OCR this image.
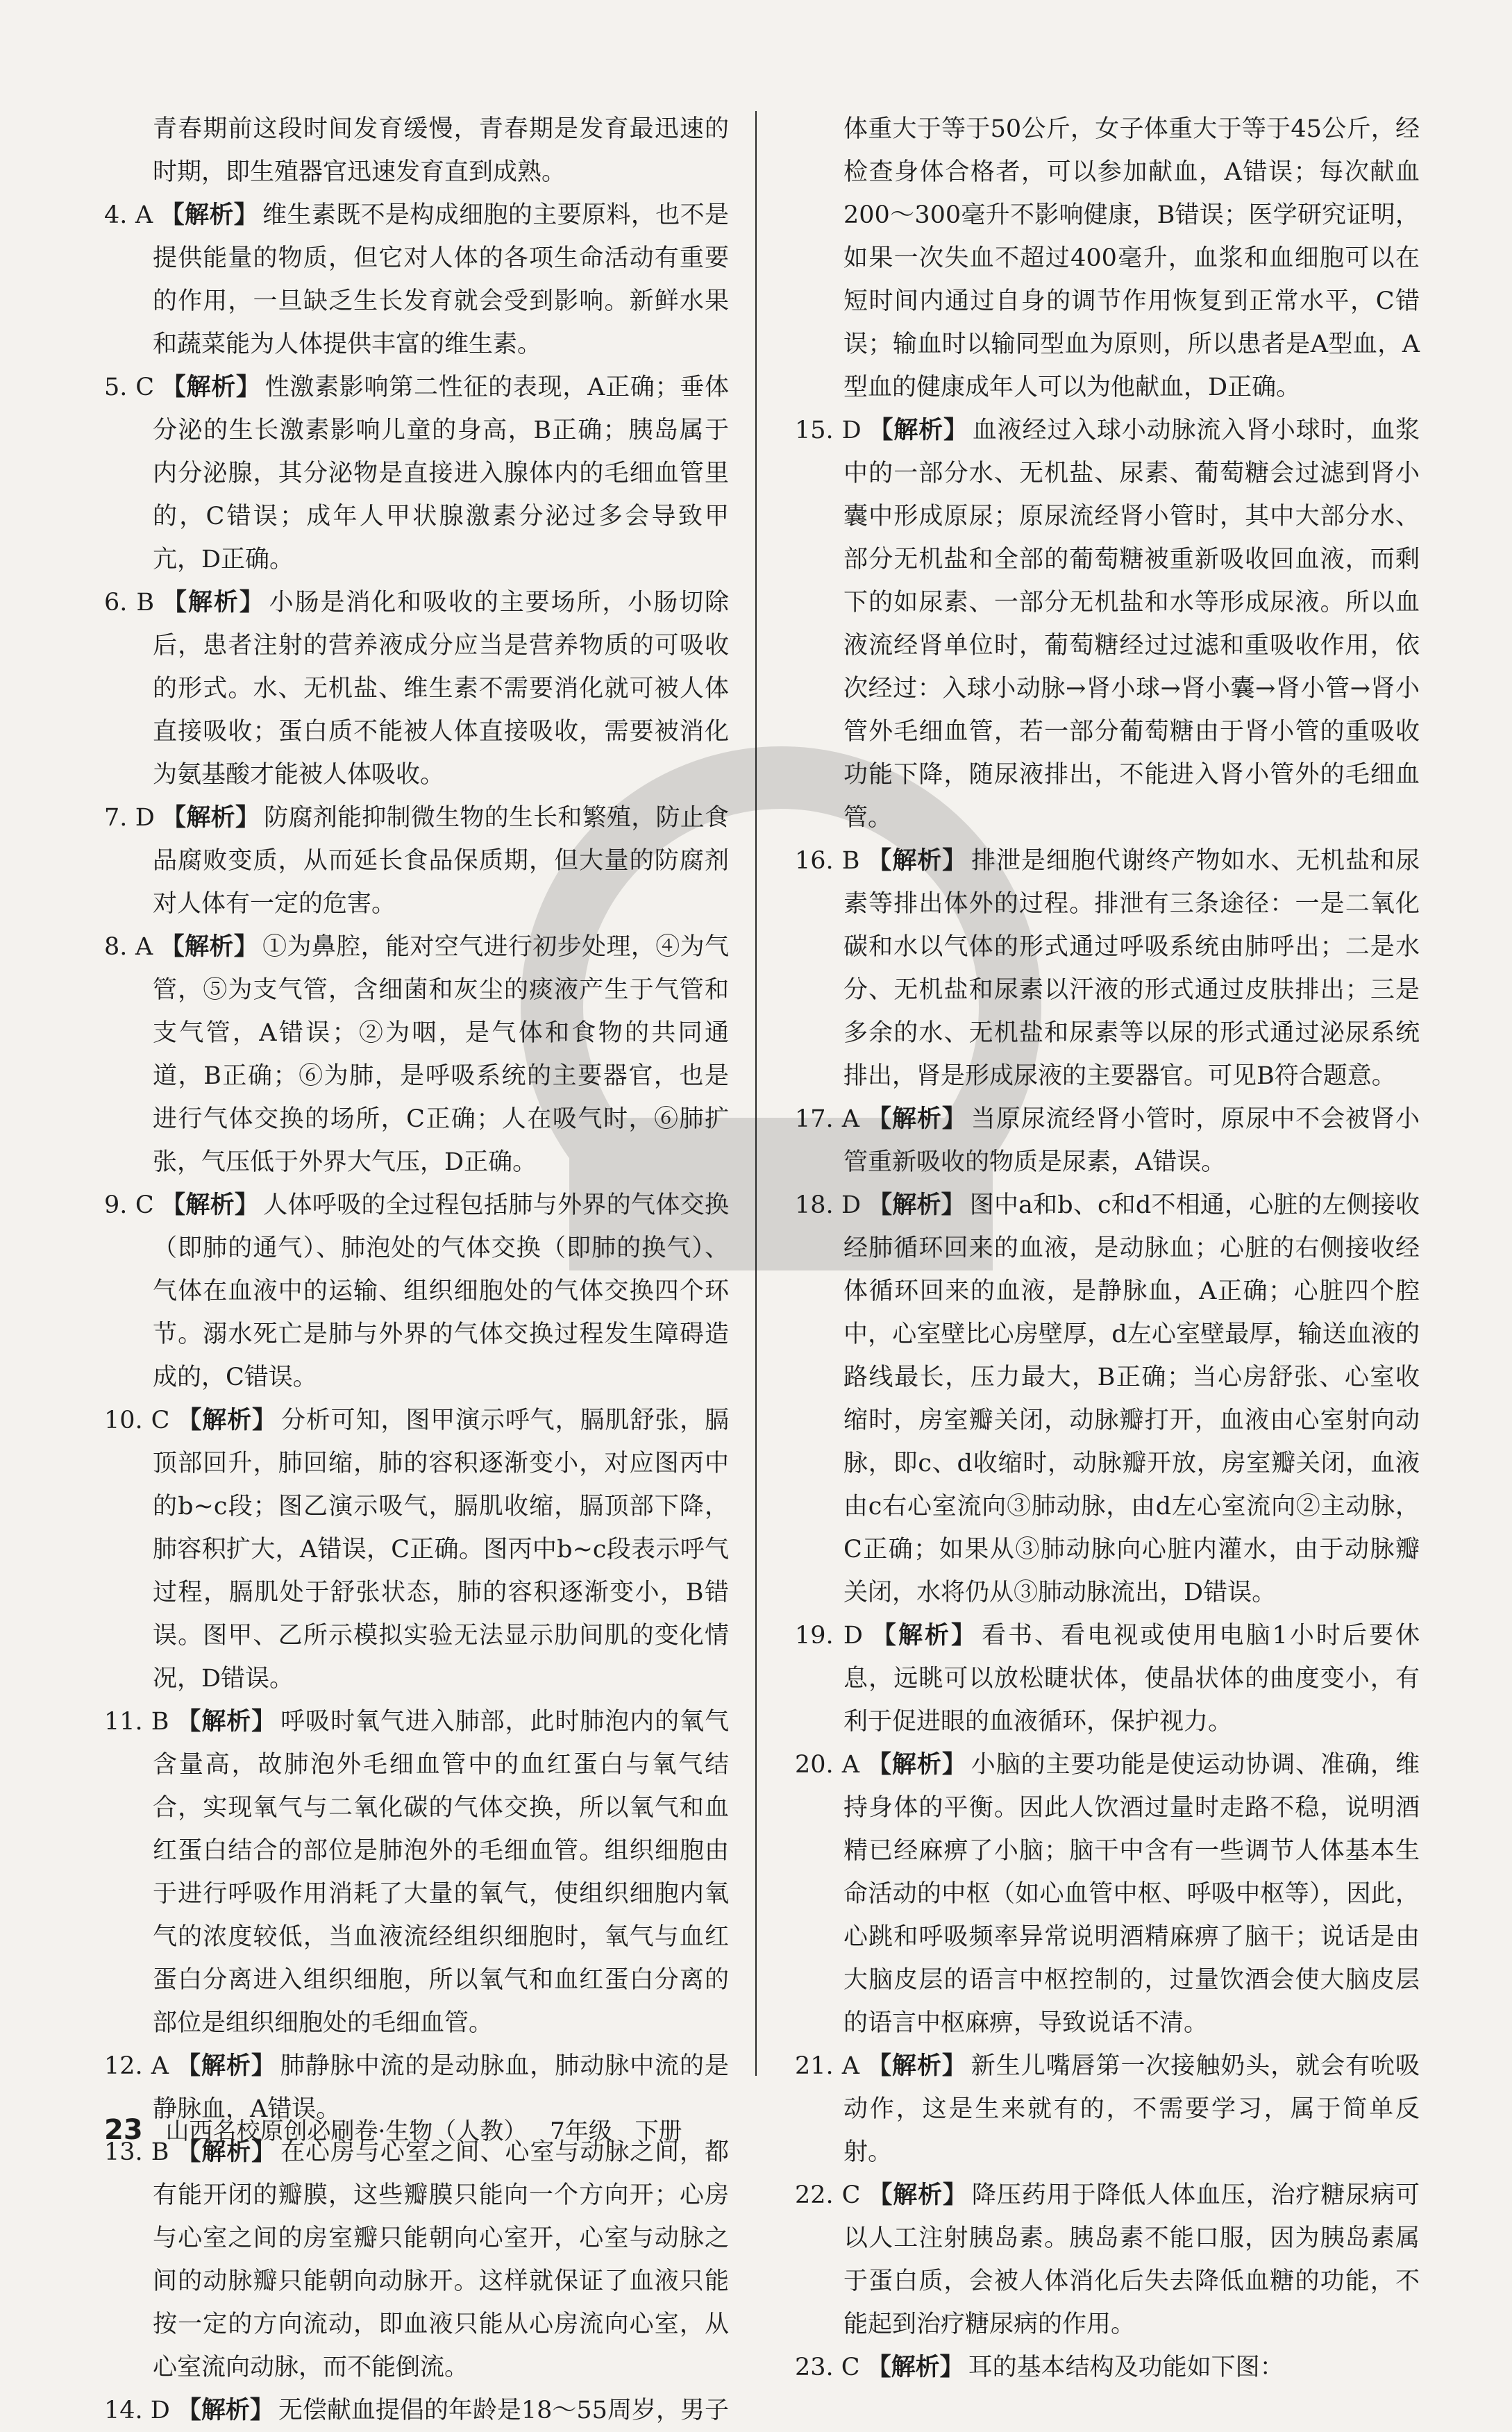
青春期前这段时间发育缓慢，青春期是发育最迅速的时期，即生殖器官迅速发育直到成熟。
4. A 【解析】 维生素既不是构成细胞的主要原料，也不是提供能量的物质，但它对人体的各项生命活动有重要的作用，一旦缺乏生长发育就会受到影响。新鲜水果和蔬菜能为人体提供丰富的维生素。
5. C 【解析】 性激素影响第二性征的表现，A正确；垂体分泌的生长激素影响儿童的身高，B正确；胰岛属于内分泌腺，其分泌物是直接进入腺体内的毛细血管里的，C错误；成年人甲状腺激素分泌过多会导致甲亢，D正确。
6. B 【解析】 小肠是消化和吸收的主要场所，小肠切除后，患者注射的营养液成分应当是营养物质的可吸收的形式。水、无机盐、维生素不需要消化就可被人体直接吸收；蛋白质不能被人体直接吸收，需要被消化为氨基酸才能被人体吸收。
7. D 【解析】 防腐剂能抑制微生物的生长和繁殖，防止食品腐败变质，从而延长食品保质期，但大量的防腐剂对人体有一定的危害。
8. A 【解析】 ①为鼻腔，能对空气进行初步处理，④为气管，⑤为支气管，含细菌和灰尘的痰液产生于气管和支气管，A错误；②为咽，是气体和食物的共同通道，B正确；⑥为肺，是呼吸系统的主要器官，也是进行气体交换的场所，C正确；人在吸气时，⑥肺扩张，气压低于外界大气压，D正确。
9. C 【解析】 人体呼吸的全过程包括肺与外界的气体交换（即肺的通气）、肺泡处的气体交换（即肺的换气）、气体在血液中的运输、组织细胞处的气体交换四个环节。溺水死亡是肺与外界的气体交换过程发生障碍造成的，C错误。
10. C 【解析】 分析可知，图甲演示呼气，膈肌舒张，膈顶部回升，肺回缩，肺的容积逐渐变小，对应图丙中的b~c段；图乙演示吸气，膈肌收缩，膈顶部下降，肺容积扩大，A错误，C正确。图丙中b~c段表示呼气过程，膈肌处于舒张状态，肺的容积逐渐变小，B错误。图甲、乙所示模拟实验无法显示肋间肌的变化情况，D错误。
11. B 【解析】 呼吸时氧气进入肺部，此时肺泡内的氧气含量高，故肺泡外毛细血管中的血红蛋白与氧气结合，实现氧气与二氧化碳的气体交换，所以氧气和血红蛋白结合的部位是肺泡外的毛细血管。组织细胞由于进行呼吸作用消耗了大量的氧气，使组织细胞内氧气的浓度较低，当血液流经组织细胞时，氧气与血红蛋白分离进入组织细胞，所以氧气和血红蛋白分离的部位是组织细胞处的毛细血管。
12. A 【解析】 肺静脉中流的是动脉血，肺动脉中流的是静脉血，A错误。
13. B 【解析】 在心房与心室之间、心室与动脉之间，都有能开闭的瓣膜，这些瓣膜只能向一个方向开；心房与心室之间的房室瓣只能朝向心室开，心室与动脉之间的动脉瓣只能朝向动脉开。这样就保证了血液只能按一定的方向流动，即血液只能从心房流向心室，从心室流向动脉，而不能倒流。
14. D 【解析】 无偿献血提倡的年龄是18～55周岁，男子
体重大于等于50公斤，女子体重大于等于45公斤，经检查身体合格者，可以参加献血，A错误；每次献血200～300毫升不影响健康，B错误；医学研究证明，如果一次失血不超过400毫升，血浆和血细胞可以在短时间内通过自身的调节作用恢复到正常水平，C错误；输血时以输同型血为原则，所以患者是A型血，A型血的健康成年人可以为他献血，D正确。
15. D 【解析】 血液经过入球小动脉流入肾小球时，血浆中的一部分水、无机盐、尿素、葡萄糖会过滤到肾小囊中形成原尿；原尿流经肾小管时，其中大部分水、部分无机盐和全部的葡萄糖被重新吸收回血液，而剩下的如尿素、一部分无机盐和水等形成尿液。所以血液流经肾单位时，葡萄糖经过过滤和重吸收作用，依次经过：入球小动脉→肾小球→肾小囊→肾小管→肾小管外毛细血管，若一部分葡萄糖由于肾小管的重吸收功能下降，随尿液排出，不能进入肾小管外的毛细血管。
16. B 【解析】 排泄是细胞代谢终产物如水、无机盐和尿素等排出体外的过程。排泄有三条途径：一是二氧化碳和水以气体的形式通过呼吸系统由肺呼出；二是水分、无机盐和尿素以汗液的形式通过皮肤排出；三是多余的水、无机盐和尿素等以尿的形式通过泌尿系统排出，肾是形成尿液的主要器官。可见B符合题意。
17. A 【解析】 当原尿流经肾小管时，原尿中不会被肾小管重新吸收的物质是尿素，A错误。
18. D 【解析】 图中a和b、c和d不相通，心脏的左侧接收经肺循环回来的血液，是动脉血；心脏的右侧接收经体循环回来的血液，是静脉血，A正确；心脏四个腔中，心室壁比心房壁厚，d左心室壁最厚，输送血液的路线最长，压力最大，B正确；当心房舒张、心室收缩时，房室瓣关闭，动脉瓣打开，血液由心室射向动脉，即c、d收缩时，动脉瓣开放，房室瓣关闭，血液由c右心室流向③肺动脉，由d左心室流向②主动脉，C正确；如果从③肺动脉向心脏内灌水，由于动脉瓣关闭，水将仍从③肺动脉流出，D错误。
19. D 【解析】 看书、看电视或使用电脑1小时后要休息，远眺可以放松睫状体，使晶状体的曲度变小，有利于促进眼的血液循环，保护视力。
20. A 【解析】 小脑的主要功能是使运动协调、准确，维持身体的平衡。因此人饮酒过量时走路不稳，说明酒精已经麻痹了小脑；脑干中含有一些调节人体基本生命活动的中枢（如心血管中枢、呼吸中枢等），因此，心跳和呼吸频率异常说明酒精麻痹了脑干；说话是由大脑皮层的语言中枢控制的，过量饮酒会使大脑皮层的语言中枢麻痹，导致说话不清。
21. A 【解析】 新生儿嘴唇第一次接触奶头，就会有吮吸动作，这是生来就有的，不需要学习，属于简单反射。
22. C 【解析】 降压药用于降低人体血压，治疗糖尿病可以人工注射胰岛素。胰岛素不能口服，因为胰岛素属于蛋白质，会被人体消化后失去降低血糖的功能，不能起到治疗糖尿病的作用。
23. C 【解析】 耳的基本结构及功能如下图：
23 山西名校原创必刷卷·生物（人教） 7年级 下册
